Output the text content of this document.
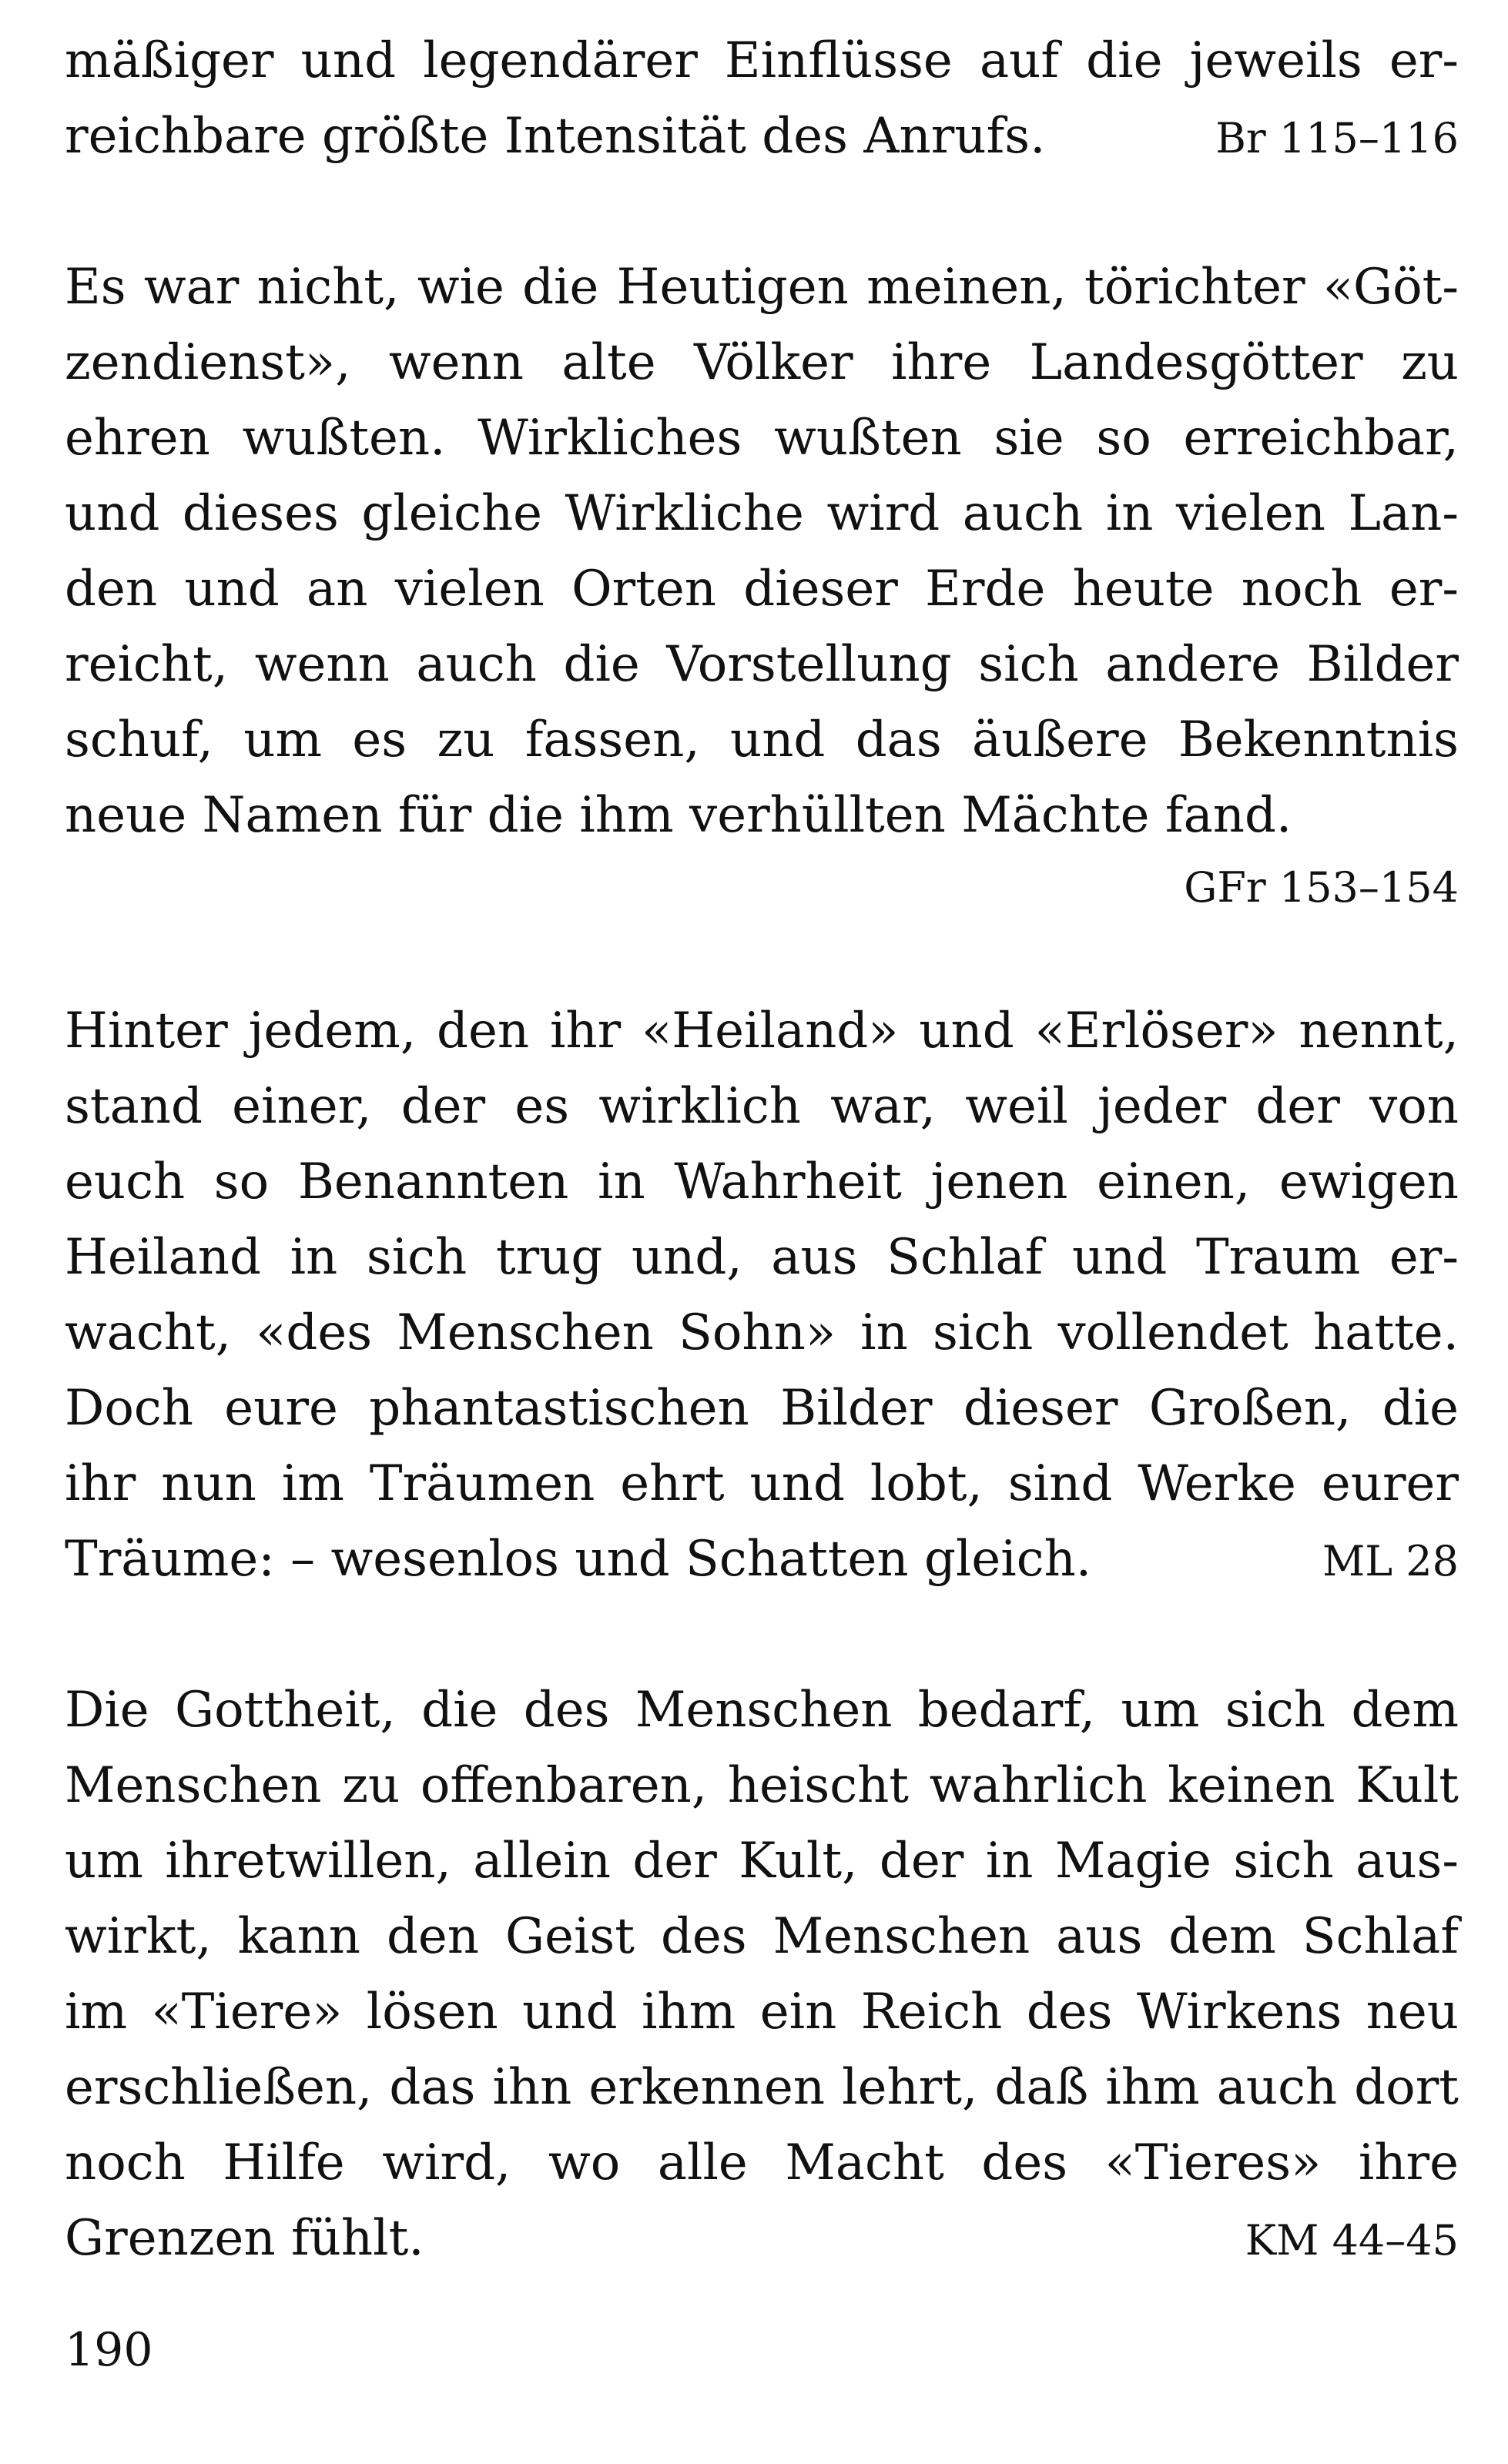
mäßiger und legendärer Einflüsse auf die jeweils er-
reichbare größte Intensität des Anrufs.	Br 115–116
Es war nicht, wie die Heutigen meinen, törichter «Göt-
zendienst», wenn alte Völker ihre Landesgötter zu
ehren wußten. Wirkliches wußten sie so erreichbar,
und dieses gleiche Wirkliche wird auch in vielen Lan-
den und an vielen Orten dieser Erde heute noch er-
reicht, wenn auch die Vorstellung sich andere Bilder
schuf, um es zu fassen, und das äußere Bekenntnis
neue Namen für die ihm verhüllten Mächte fand.
GFr 153–154
Hinter jedem, den ihr «Heiland» und «Erlöser» nennt,
stand einer, der es wirklich war, weil jeder der von
euch so Benannten in Wahrheit jenen einen, ewigen
Heiland in sich trug und, aus Schlaf und Traum er-
wacht, «des Menschen Sohn» in sich vollendet hatte.
Doch eure phantastischen Bilder dieser Großen, die
ihr nun im Träumen ehrt und lobt, sind Werke eurer
Träume: – wesenlos und Schatten gleich.	ML 28
Die Gottheit, die des Menschen bedarf, um sich dem
Menschen zu offenbaren, heischt wahrlich keinen Kult
um ihretwillen, allein der Kult, der in Magie sich aus-
wirkt, kann den Geist des Menschen aus dem Schlaf
im «Tiere» lösen und ihm ein Reich des Wirkens neu
erschließen, das ihn erkennen lehrt, daß ihm auch dort
noch Hilfe wird, wo alle Macht des «Tieres» ihre
Grenzen fühlt.	KM 44–45
190
